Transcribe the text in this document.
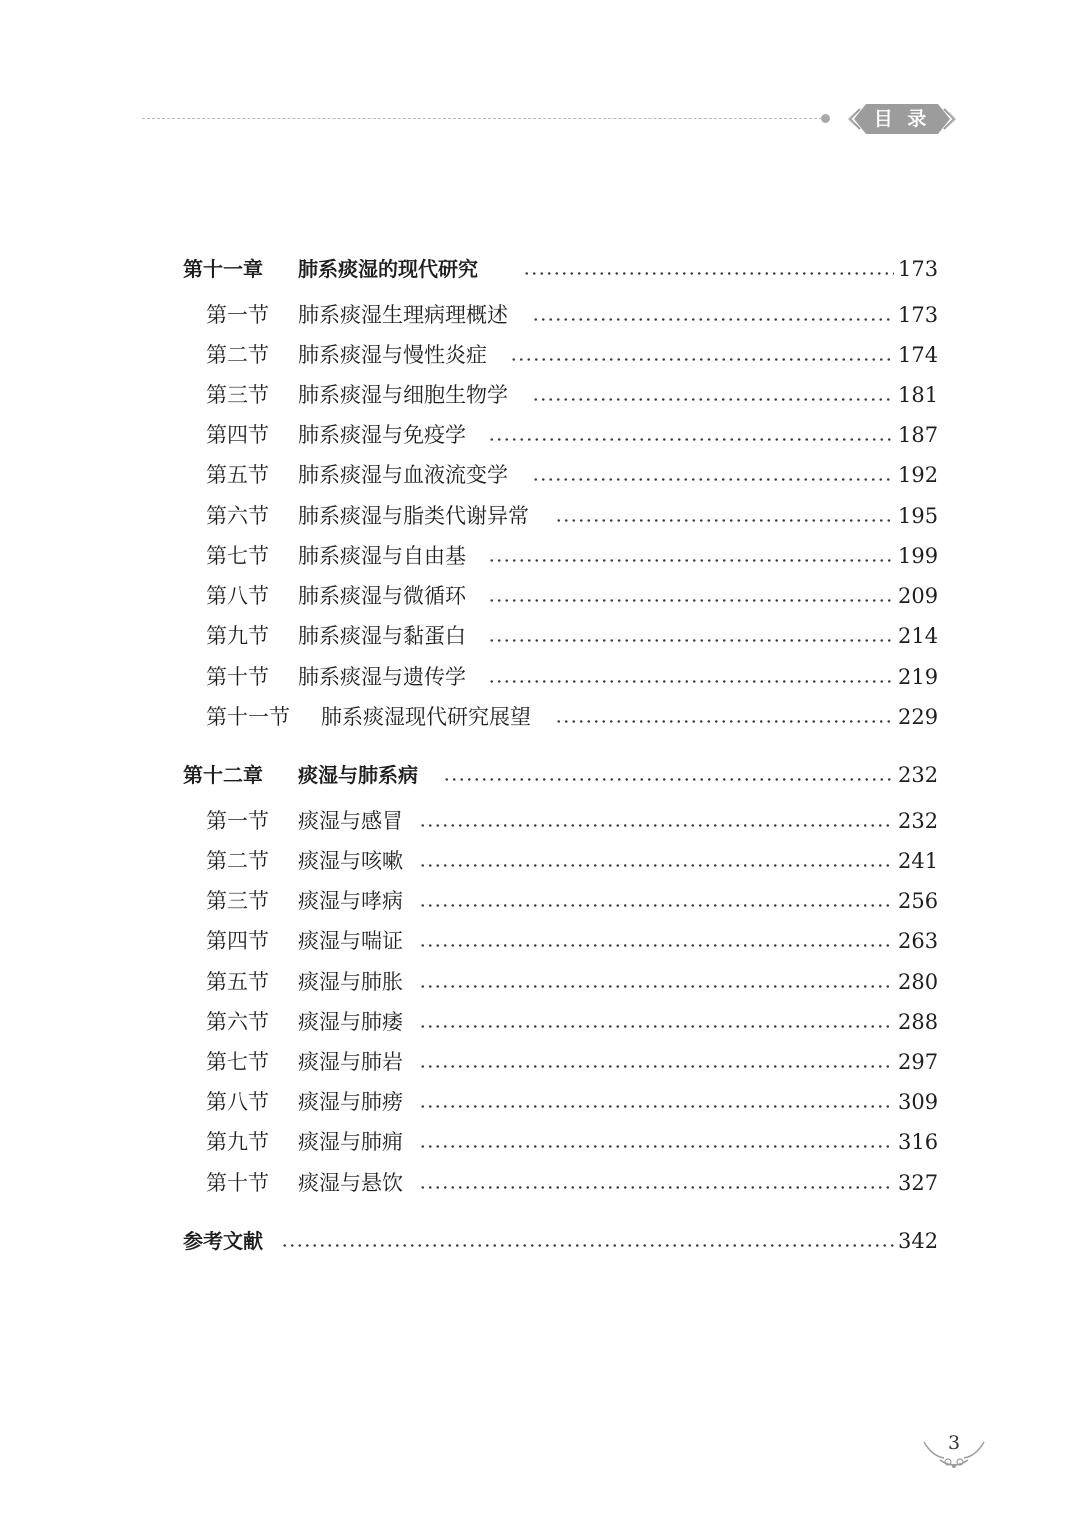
目 录
第十一章 肺系痰湿的现代研究	173
第一节 肺系痰湿生理病理概述	173
第二节 肺系痰湿与慢性炎症	174
第三节 肺系痰湿与细胞生物学	181
第四节 肺系痰湿与免疫学	187
第五节 肺系痰湿与血液流变学	192
第六节 肺系痰湿与脂类代谢异常	195
第七节 肺系痰湿与自由基	199
第八节 肺系痰湿与微循环	209
第九节 肺系痰湿与黏蛋白	214
第十节 肺系痰湿与遗传学	219
第十一节 肺系痰湿现代研究展望	229
第十二章 痰湿与肺系病	232
第一节 痰湿与感冒	232
第二节 痰湿与咳嗽	241
第三节 痰湿与哮病	256
第四节 痰湿与喘证	263
第五节 痰湿与肺胀	280
第六节 痰湿与肺痿	288
第七节 痰湿与肺岩	297
第八节 痰湿与肺痨	309
第九节 痰湿与肺痈	316
第十节 痰湿与悬饮	327
参考文献	342
3
